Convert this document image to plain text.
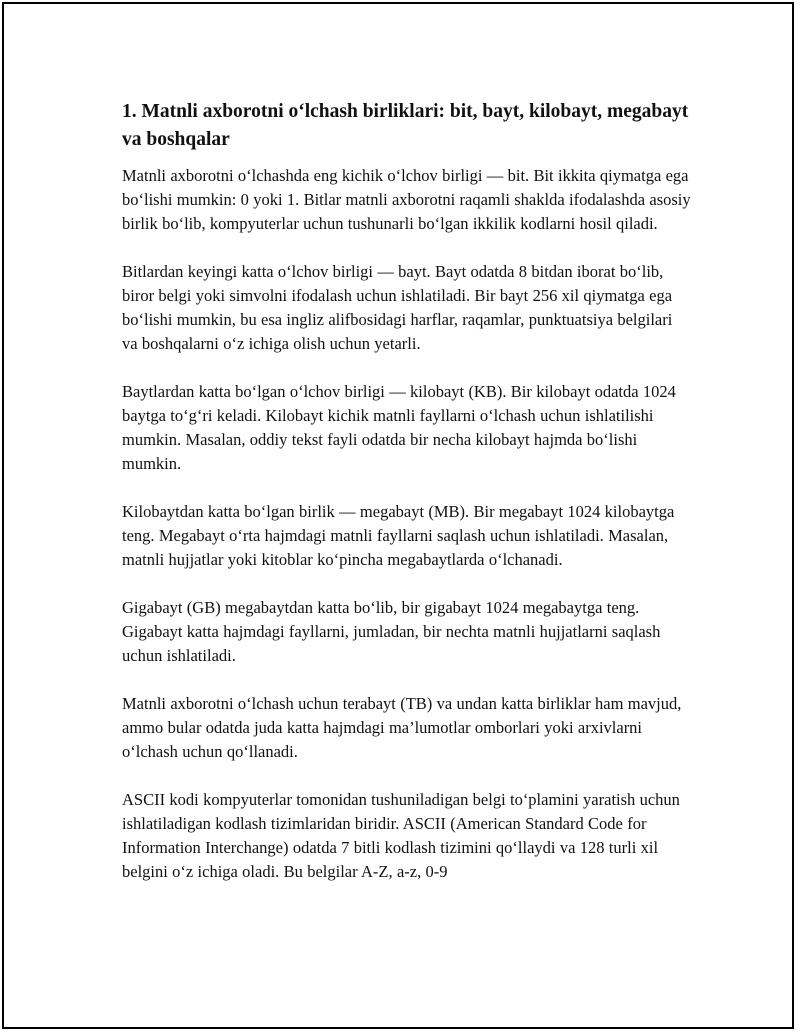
1. Matnli axborotni o‘lchash birliklari: bit, bayt, kilobayt, megabayt va boshqalar

Matnli axborotni o‘lchashda eng kichik o‘lchov birligi — bit. Bit ikkita qiymatga ega bo‘lishi mumkin: 0 yoki 1. Bitlar matnli axborotni raqamli shaklda ifodalashda asosiy birlik bo‘lib, kompyuterlar uchun tushunarli bo‘lgan ikkilik kodlarni hosil qiladi.

Bitlardan keyingi katta o‘lchov birligi — bayt. Bayt odatda 8 bitdan iborat bo‘lib, biror belgi yoki simvolni ifodalash uchun ishlatiladi. Bir bayt 256 xil qiymatga ega bo‘lishi mumkin, bu esa ingliz alifbosidagi harflar, raqamlar, punktuatsiya belgilari va boshqalarni o‘z ichiga olish uchun yetarli.

Baytlardan katta bo‘lgan o‘lchov birligi — kilobayt (KB). Bir kilobayt odatda 1024 baytga to‘g‘ri keladi. Kilobayt kichik matnli fayllarni o‘lchash uchun ishlatilishi mumkin. Masalan, oddiy tekst fayli odatda bir necha kilobayt hajmda bo‘lishi mumkin.

Kilobaytdan katta bo‘lgan birlik — megabayt (MB). Bir megabayt 1024 kilobaytga teng. Megabayt o‘rta hajmdagi matnli fayllarni saqlash uchun ishlatiladi. Masalan, matnli hujjatlar yoki kitoblar ko‘pincha megabaytlarda o‘lchanadi.

Gigabayt (GB) megabaytdan katta bo‘lib, bir gigabayt 1024 megabaytga teng. Gigabayt katta hajmdagi fayllarni, jumladan, bir nechta matnli hujjatlarni saqlash uchun ishlatiladi.

Matnli axborotni o‘lchash uchun terabayt (TB) va undan katta birliklar ham mavjud, ammo bular odatda juda katta hajmdagi ma’lumotlar omborlari yoki arxivlarni o‘lchash uchun qo‘llanadi.

ASCII kodi kompyuterlar tomonidan tushuniladigan belgi to‘plamini yaratish uchun ishlatiladigan kodlash tizimlaridan biridir. ASCII (American Standard Code for Information Interchange) odatda 7 bitli kodlash tizimini qo‘llaydi va 128 turli xil belgini o‘z ichiga oladi. Bu belgilar A-Z, a-z, 0-9
